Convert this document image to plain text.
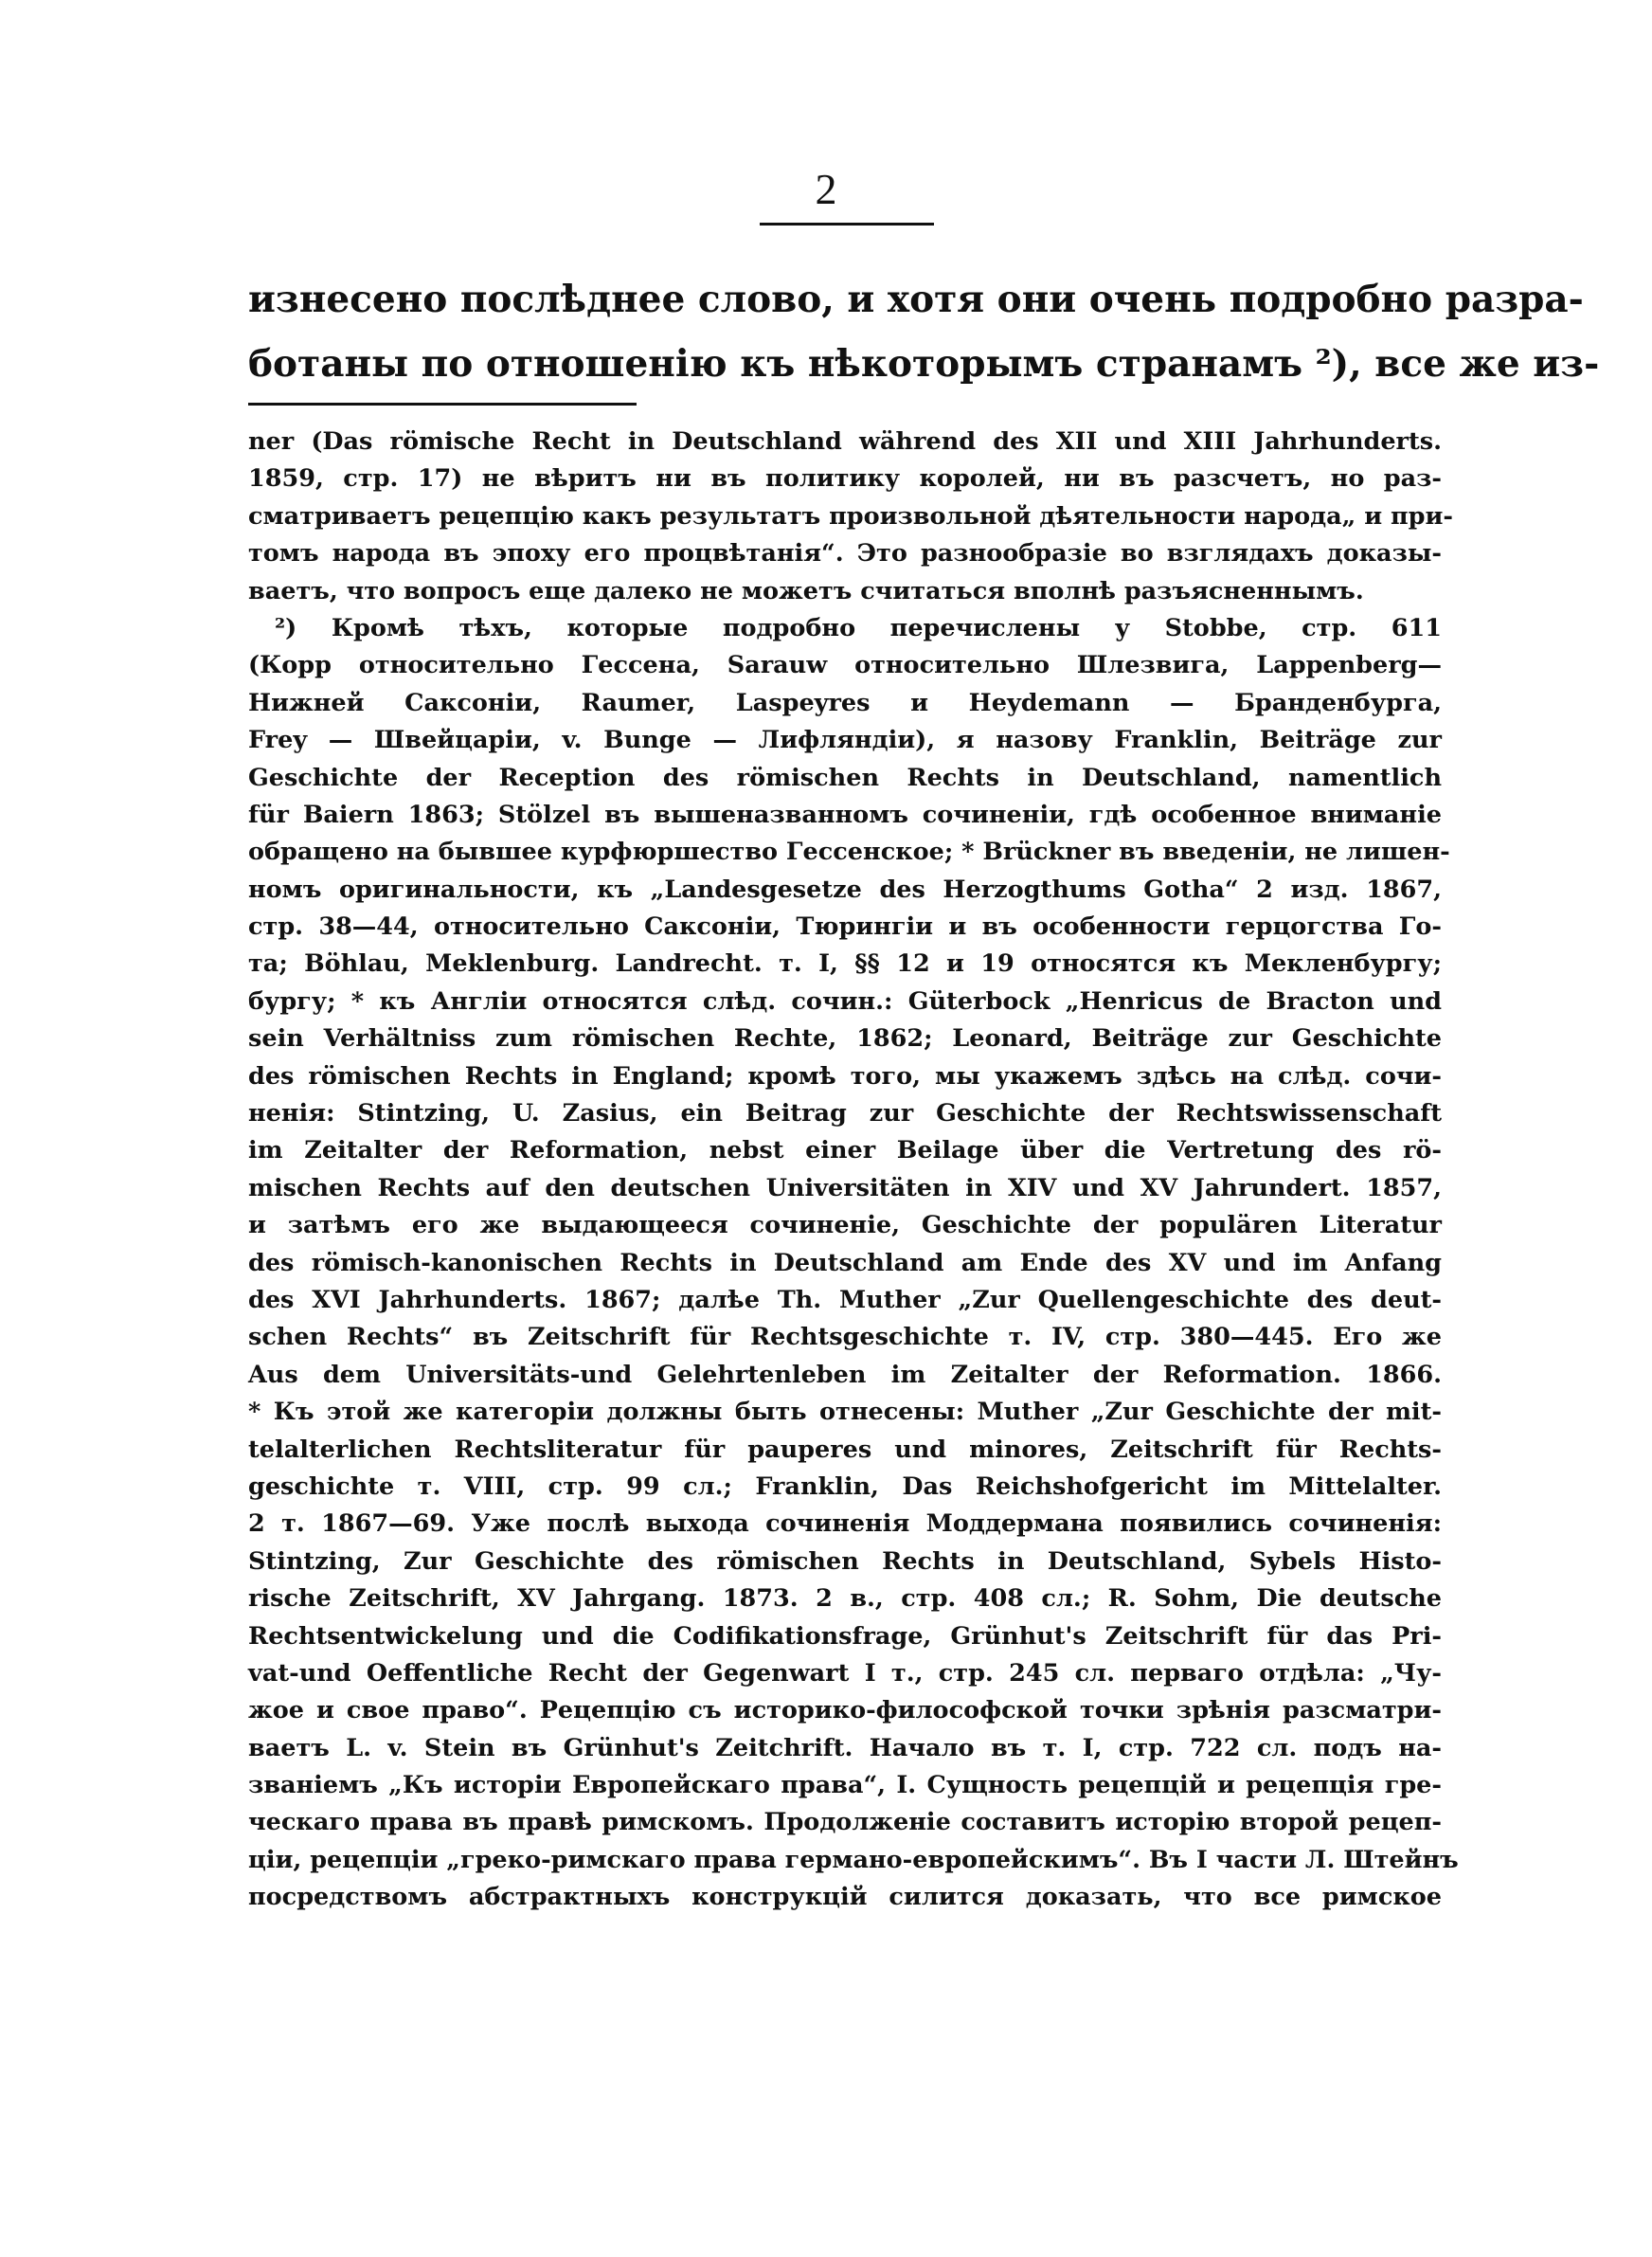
2
изнесено послѣднее слово, и хотя они очень подробно разра-
ботаны по отношенію къ нѣкоторымъ странамъ ²), все же из-
ner (Das römische Recht in Deutschland während des XII und XIII Jahrhunderts.
1859, стр. 17) не вѣритъ ни въ политику королей, ни въ разсчетъ, но раз-
сматриваетъ рецепцію какъ результатъ произвольной дѣятельности народа„ и при-
томъ народа въ эпоху его процвѣтанія“. Это разнообразіе во взглядахъ доказы-
ваетъ, что вопросъ еще далеко не можетъ считаться вполнѣ разъясненнымъ.
²) Кромѣ тѣхъ, которые подробно перечислены у Stobbe, стр. 611
(Корр относительно Гессена, Sarauw относительно Шлезвига, Lappenberg—
Нижней Саксоніи, Raumer, Laspeyres и Heydemann — Бранденбурга,
Frey — Швейцаріи, v. Bunge — Лифляндіи), я назову Franklin, Beiträge zur
Geschichte der Reception des römischen Rechts in Deutschland, namentlich
für Baiern 1863; Stölzel въ вышеназванномъ сочиненіи, гдѣ особенное вниманіе
обращено на бывшее курфюршество Гессенское; * Brückner въ введеніи, не лишен-
номъ оригинальности, къ „Landesgesetze des Herzogthums Gotha“ 2 изд. 1867,
стр. 38—44, относительно Саксоніи, Тюрингіи и въ особенности герцогства Го-
та; Böhlau, Meklenburg. Landrecht. т. I, §§ 12 и 19 относятся къ Мекленбургу;
бургу; * къ Англіи относятся слѣд. сочин.: Güterbock „Henricus de Bracton und
sein Verhältniss zum römischen Rechte, 1862; Leonard, Beiträge zur Geschichte
des römischen Rechts in England; кромѣ того, мы укажемъ здѣсь на слѣд. сочи-
ненія: Stintzing, U. Zasius, ein Beitrag zur Geschichte der Rechtswissenschaft
im Zeitalter der Reformation, nebst einer Beilage über die Vertretung des rö-
mischen Rechts auf den deutschen Universitäten in XIV und XV Jahrundert. 1857,
и затѣмъ его же выдающееся сочиненіе, Geschichte der populären Literatur
des römisch-kanonischen Rechts in Deutschland am Ende des XV und im Anfang
des XVI Jahrhunderts. 1867; далѣе Th. Muther „Zur Quellengeschichte des deut-
schen Rechts“ въ Zeitschrift für Rechtsgeschichte т. IV, стр. 380—445. Его же
Aus dem Universitäts-und Gelehrtenleben im Zeitalter der Reformation. 1866.
* Къ этой же категоріи должны быть отнесены: Muther „Zur Geschichte der mit-
telalterlichen Rechtsliteratur für pauperes und minores, Zeitschrift für Rechts-
geschichte т. VIII, стр. 99 сл.; Franklin, Das Reichshofgericht im Mittelalter.
2 т. 1867—69. Уже послѣ выхода сочиненія Моддермана появились сочиненія:
Stintzing, Zur Geschichte des römischen Rechts in Deutschland, Sybels Histo-
rische Zeitschrift, XV Jahrgang. 1873. 2 в., стр. 408 сл.; R. Sohm, Die deutsche
Rechtsentwickelung und die Codifikationsfrage, Grünhut's Zeitschrift für das Pri-
vat-und Oeffentliche Recht der Gegenwart I т., стр. 245 сл. перваго отдѣла: „Чу-
жое и свое право“. Рецепцію съ историко-философской точки зрѣнія разсматри-
ваетъ L. v. Stein въ Grünhut's Zeitchrift. Начало въ т. I, стр. 722 сл. подъ на-
званіемъ „Къ исторіи Европейскаго права“, I. Сущность рецепцій и рецепція гре-
ческаго права въ правѣ римскомъ. Продолженіе составитъ исторію второй рецеп-
ціи, рецепціи „греко-римскаго права германо-европейскимъ“. Въ I части Л. Штейнъ
посредствомъ абстрактныхъ конструкцій силится доказать, что все римское
